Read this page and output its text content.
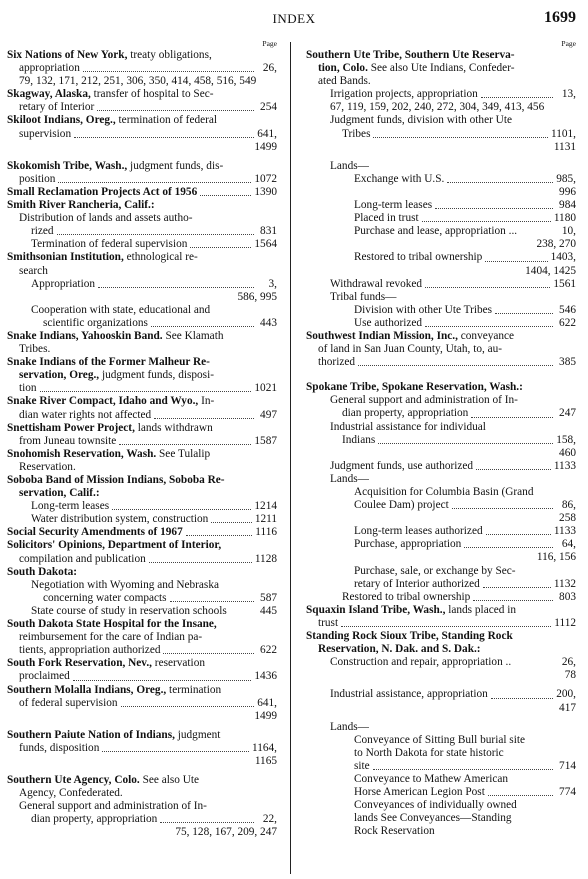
INDEX	1699
Page
Six Nations of New York, treaty obligations,
appropriation	26,
79, 132, 171, 212, 251, 306, 350, 414, 458, 516, 549
Skagway, Alaska, transfer of hospital to Sec-
retary of Interior	254
Skiloot Indians, Oreg., termination of federal
supervision	641,
1499
Skokomish Tribe, Wash., judgment funds, dis-
position	1072
Small Reclamation Projects Act of 1956	1390
Smith River Rancheria, Calif.:
Distribution of lands and assets autho-
rized	831
Termination of federal supervision	1564
Smithsonian Institution, ethnological re-
search
Appropriation	3,
586, 995
Cooperation with state, educational and
scientific organizations	443
Snake Indians, Yahooskin Band. See Klamath
Tribes.
Snake Indians of the Former Malheur Re-
servation, Oreg., judgment funds, disposi-
tion	1021
Snake River Compact, Idaho and Wyo., In-
dian water rights not affected	497
Snettisham Power Project, lands withdrawn
from Juneau townsite	1587
Snohomish Reservation, Wash. See Tulalip
Reservation.
Soboba Band of Mission Indians, Soboba Re-
servation, Calif.:
Long-term leases	1214
Water distribution system, construction	1211
Social Security Amendments of 1967	1116
Solicitors' Opinions, Department of Interior,
compilation and publication	1128
South Dakota:
Negotiation with Wyoming and Nebraska
concerning water compacts	587
State course of study in reservation schools	445
South Dakota State Hospital for the Insane,
reimbursement for the care of Indian pa-
tients, appropriation authorized	622
South Fork Reservation, Nev., reservation
proclaimed	1436
Southern Molalla Indians, Oreg., termination
of federal supervision	641,
1499
Southern Paiute Nation of Indians, judgment
funds, disposition	1164,
1165
Southern Ute Agency, Colo. See also Ute
Agency, Confederated.
General support and administration of In-
dian property, appropriation	22,
75, 128, 167, 209, 247
Page
Southern Ute Tribe, Southern Ute Reserva-
tion, Colo. See also Ute Indians, Confeder-
ated Bands.
Irrigation projects, appropriation	13,
67, 119, 159, 202, 240, 272, 304, 349, 413, 456
Judgment funds, division with other Ute
Tribes	1101,
1131
Lands—
Exchange with U.S.	985,
996
Long-term leases	984
Placed in trust	1180
Purchase and lease, appropriation ...	10,
238, 270
Restored to tribal ownership	1403,
1404, 1425
Withdrawal revoked	1561
Tribal funds—
Division with other Ute Tribes	546
Use authorized	622
Southwest Indian Mission, Inc., conveyance
of land in San Juan County, Utah, to, au-
thorized	385
Spokane Tribe, Spokane Reservation, Wash.:
General support and administration of In-
dian property, appropriation	247
Industrial assistance for individual
Indians	158,
460
Judgment funds, use authorized	1133
Lands—
Acquisition for Columbia Basin (Grand
Coulee Dam) project	86,
258
Long-term leases authorized	1133
Purchase, appropriation	64,
116, 156
Purchase, sale, or exchange by Sec-
retary of Interior authorized	1132
Restored to tribal ownership	803
Squaxin Island Tribe, Wash., lands placed in
trust	1112
Standing Rock Sioux Tribe, Standing Rock
Reservation, N. Dak. and S. Dak.:
Construction and repair, appropriation ..	26,
78
Industrial assistance, appropriation	200,
417
Lands—
Conveyance of Sitting Bull burial site
to North Dakota for state historic
site	714
Conveyance to Mathew American
Horse American Legion Post	774
Conveyances of individually owned
lands See Conveyances—Standing
Rock Reservation
